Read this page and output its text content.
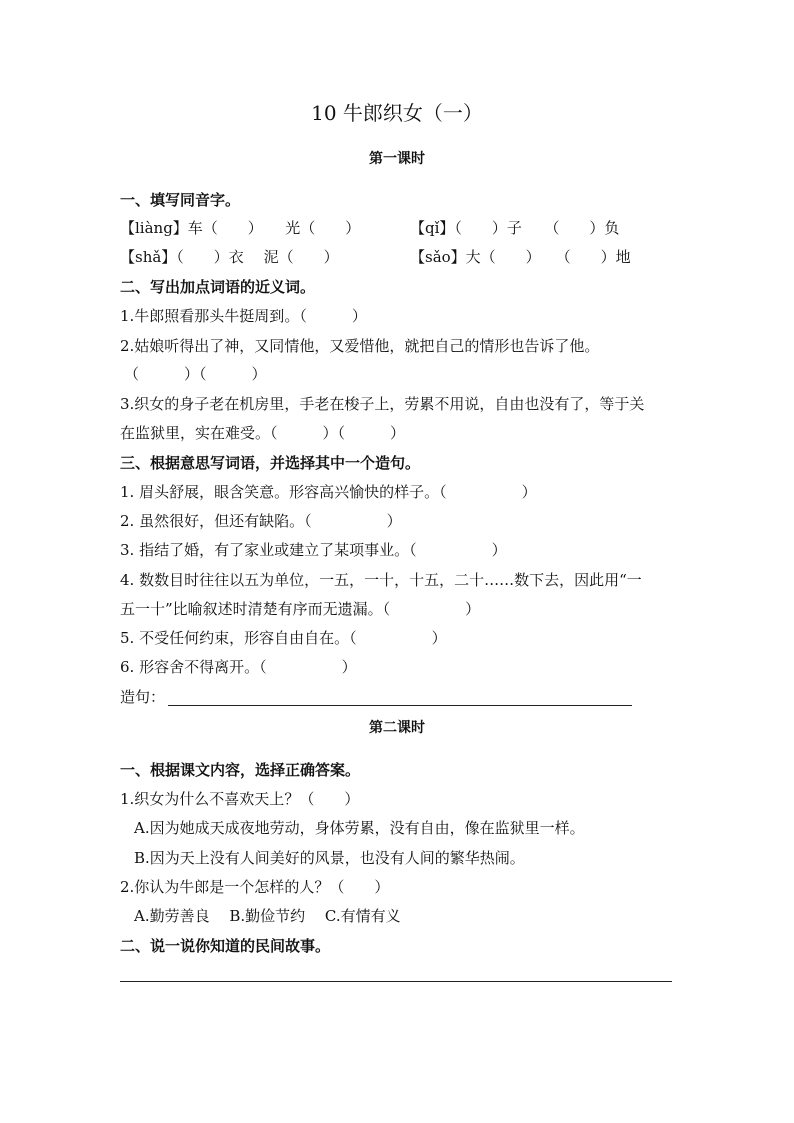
10 牛郎织女（一）
第一课时
一、填写同音字。
【liàng】车（　　）　　光（　　）	【qǐ】（　　）子　　（　　）负
【shǎ】（　　）衣　 泥（　　）	【sǎo】大（　　）　　（　　）地
二、写出加点词语的近义词。
1.牛郎照看那头牛挺周到。（　　　）
2.姑娘听得出了神，又同情他，又爱惜他，就把自己的情形也告诉了他。
（　　　）（　　　）
3.织女的身子老在机房里，手老在梭子上，劳累不用说，自由也没有了，等于关
在监狱里，实在难受。（　　　）（　　　）
三、根据意思写词语，并选择其中一个造句。
1. 眉头舒展，眼含笑意。形容高兴愉快的样子。（　　　　　）
2. 虽然很好，但还有缺陷。（　　　　　）
3. 指结了婚，有了家业或建立了某项事业。（　　　　　）
4. 数数目时往往以五为单位，一五，一十，十五，二十……数下去，因此用“一
五一十”比喻叙述时清楚有序而无遗漏。（　　　　　）
5. 不受任何约束，形容自由自在。（　　　　　）
6. 形容舍不得离开。（　　　　　）
造句：
第二课时
一、根据课文内容，选择正确答案。
1.织女为什么不喜欢天上？（　　）
A.因为她成天成夜地劳动，身体劳累，没有自由，像在监狱里一样。
B.因为天上没有人间美好的风景，也没有人间的繁华热闹。
2.你认为牛郎是一个怎样的人？（　　）
A.勤劳善良　 B.勤俭节约　 C.有情有义
二、说一说你知道的民间故事。
